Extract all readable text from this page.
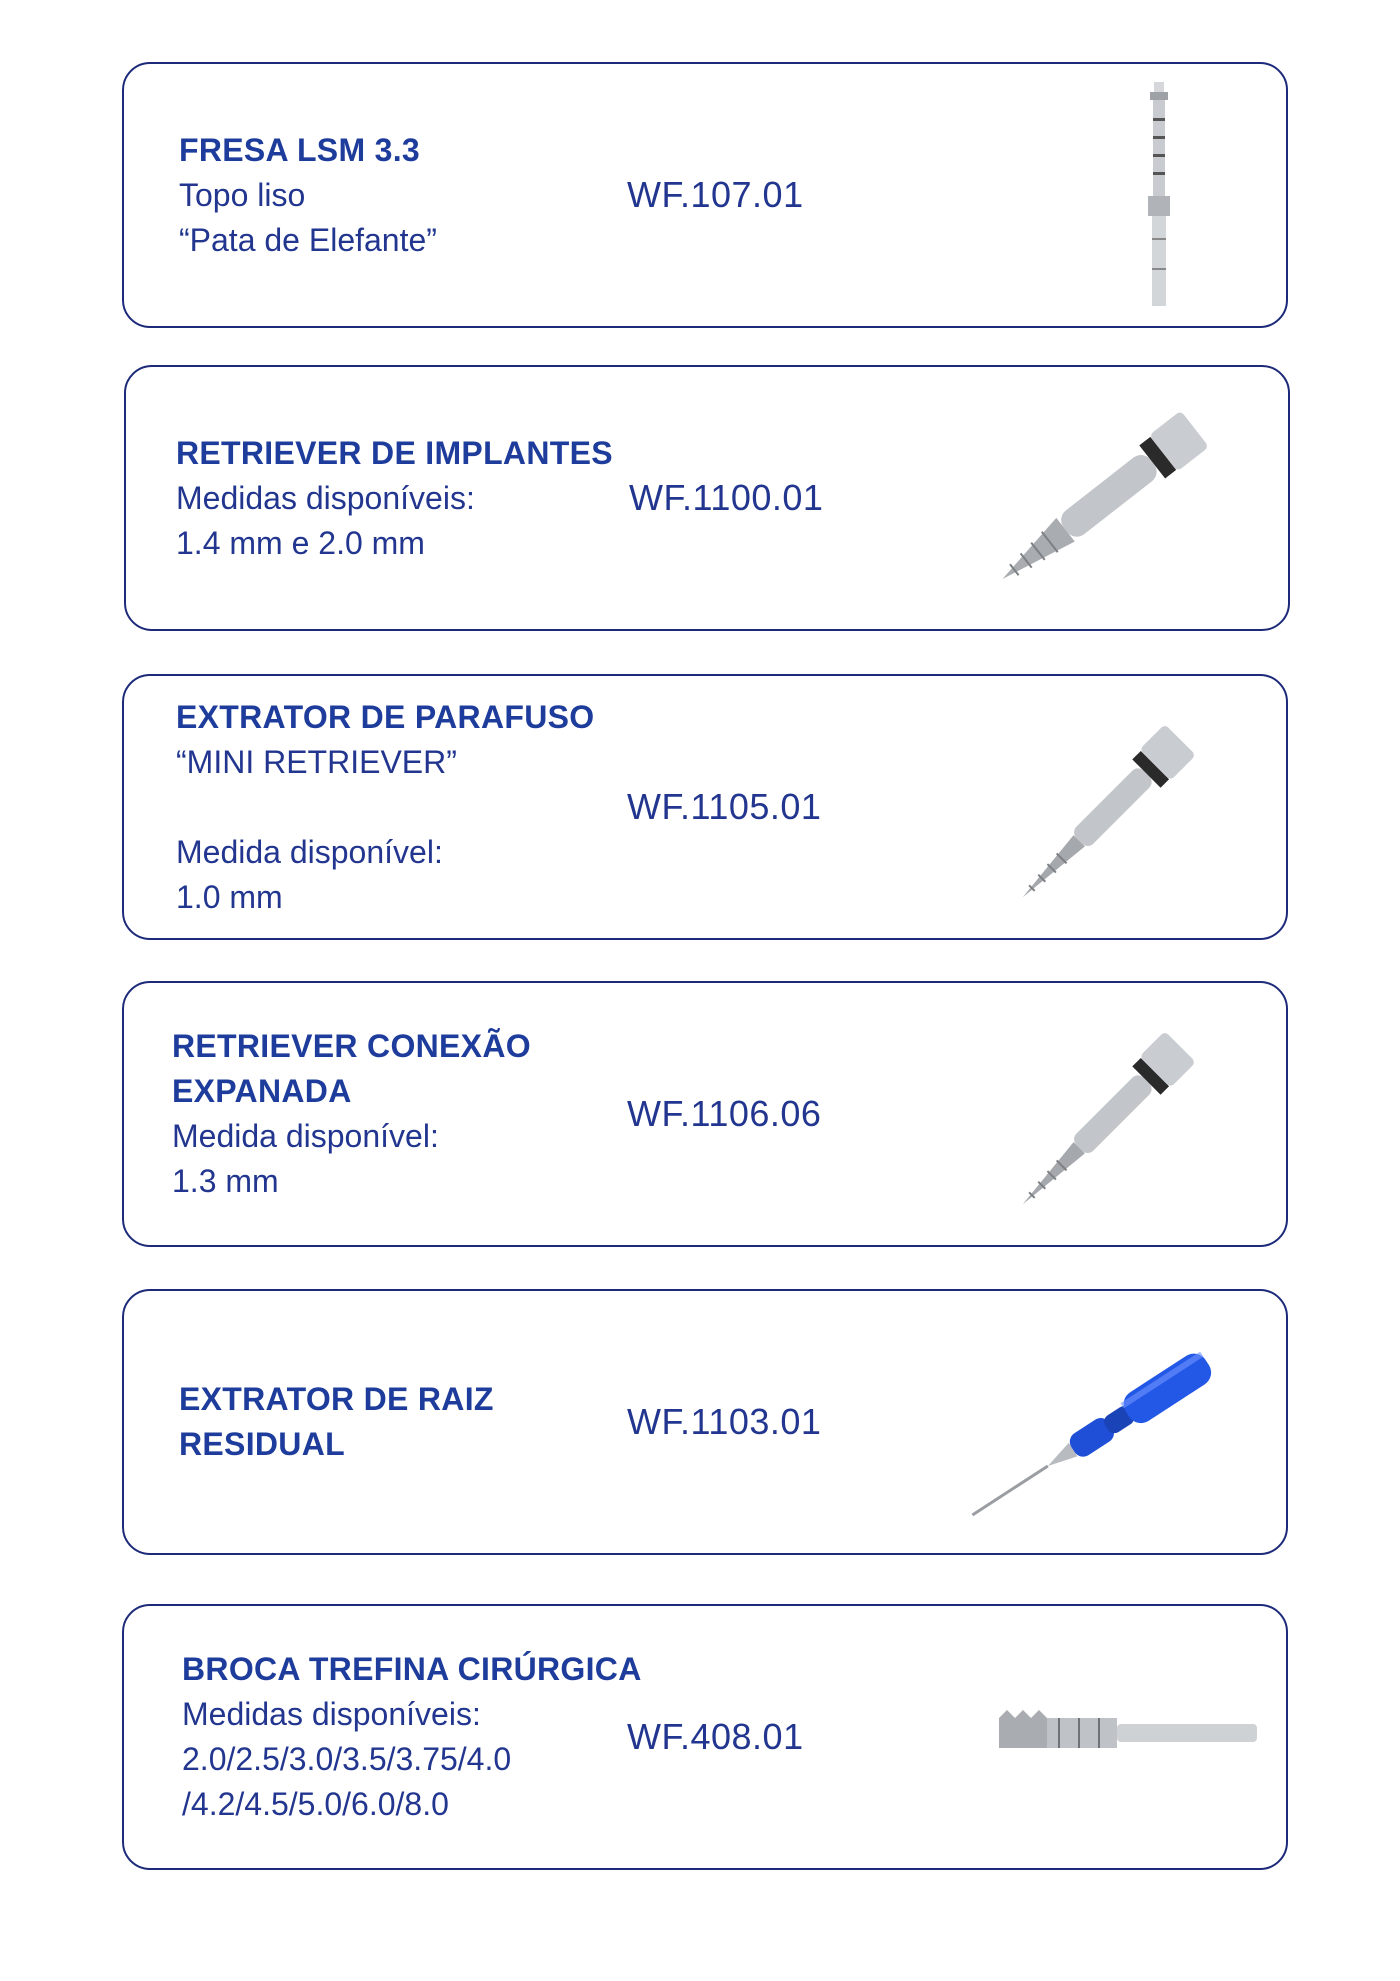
FRESA LSM 3.3
Topo liso
“Pata de Elefante”
WF.107.01
RETRIEVER DE IMPLANTES
Medidas disponíveis:
1.4 mm e 2.0 mm
WF.1100.01
EXTRATOR DE PARAFUSO
“MINI RETRIEVER”
Medida disponível:
1.0 mm
WF.1105.01
RETRIEVER CONEXÃO EXPANADA
Medida disponível:
1.3 mm
WF.1106.06
EXTRATOR DE RAIZ RESIDUAL
WF.1103.01
BROCA TREFINA CIRÚRGICA
Medidas disponíveis:
2.0/2.5/3.0/3.5/3.75/4.0
/4.2/4.5/5.0/6.0/8.0
WF.408.01
